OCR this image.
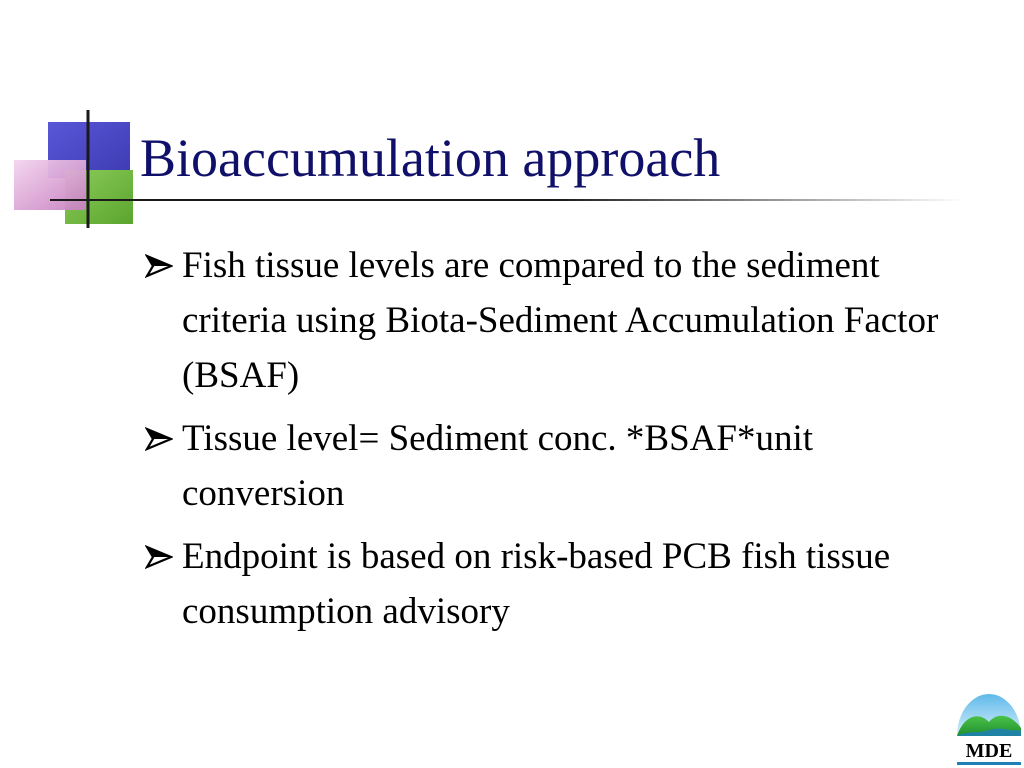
Bioaccumulation approach
Fish tissue levels are compared to the sediment criteria using Biota-Sediment Accumulation Factor (BSAF)
Tissue level= Sediment conc. *BSAF*unit conversion
Endpoint is based on risk-based PCB fish tissue consumption advisory
MDE
